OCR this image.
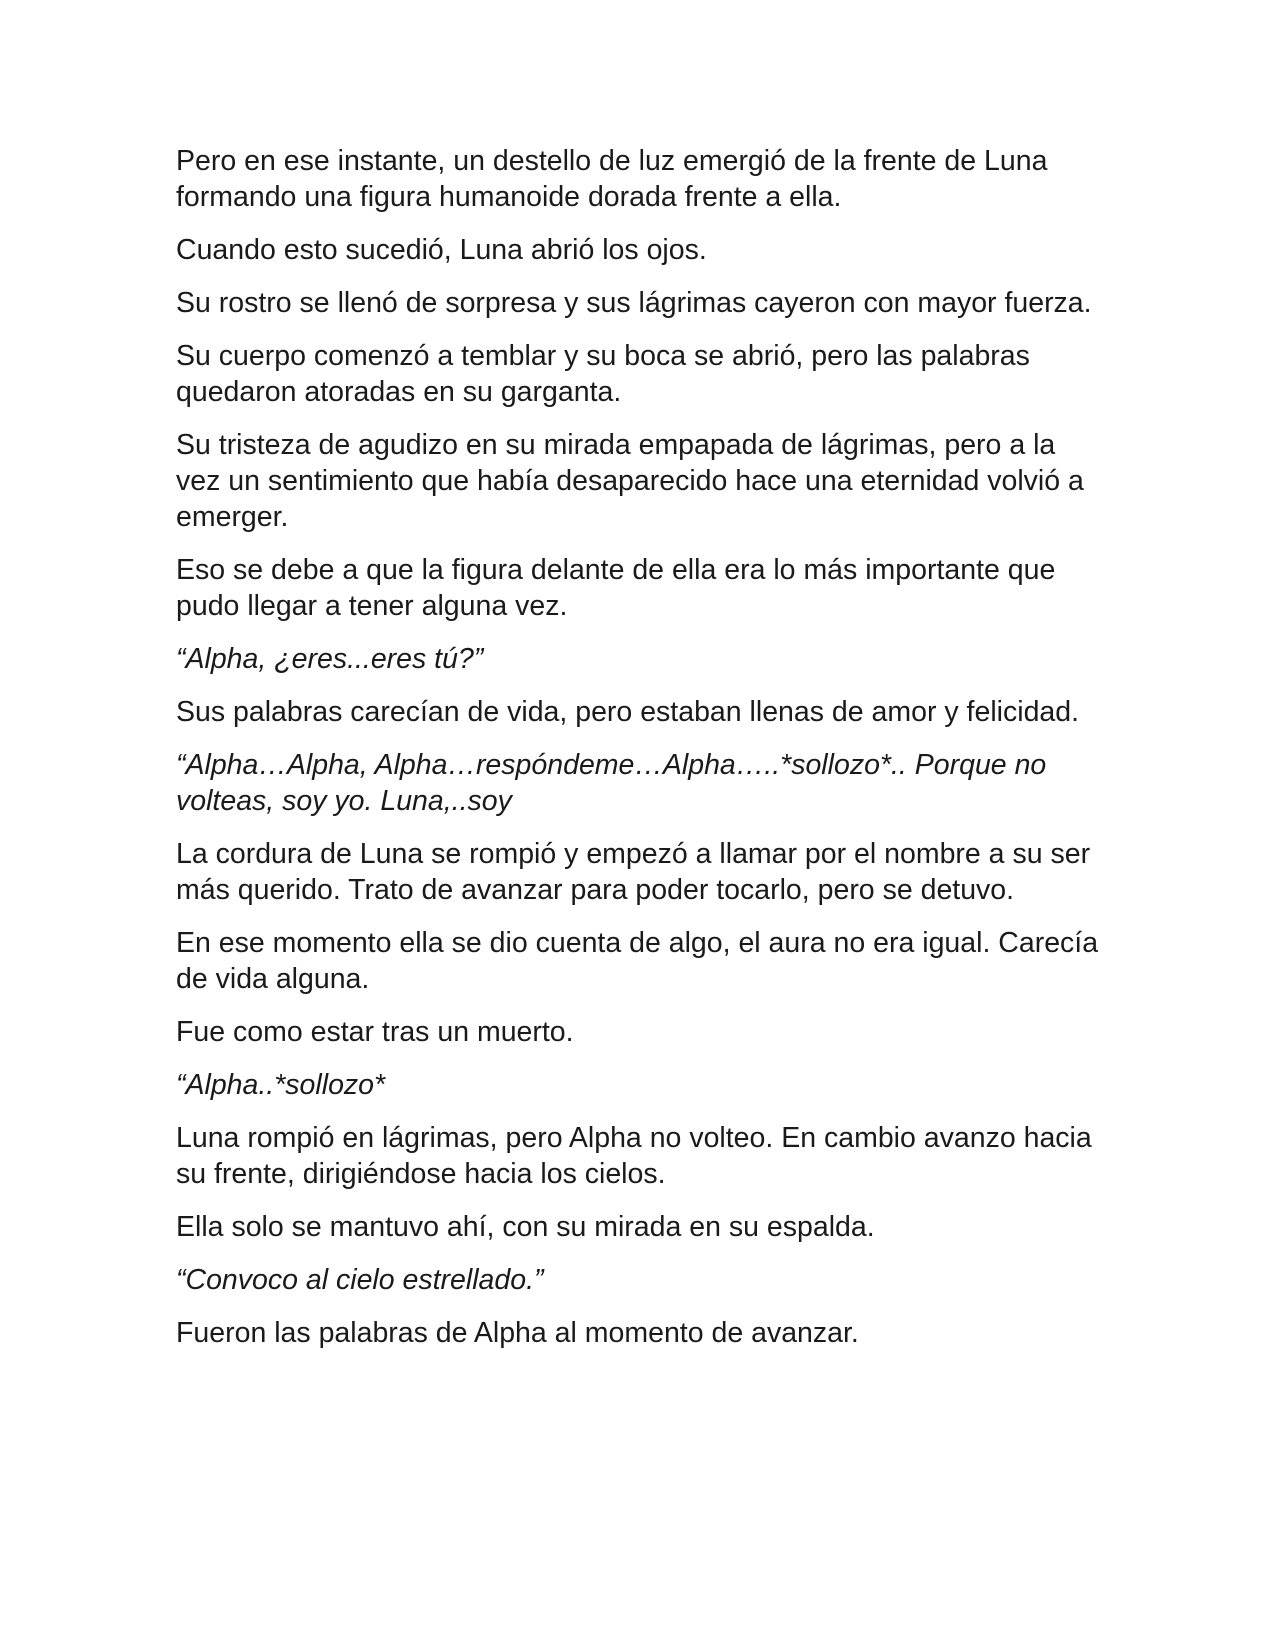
Pero en ese instante, un destello de luz emergió de la frente de Luna formando una figura humanoide dorada frente a ella.

Cuando esto sucedió, Luna abrió los ojos.

Su rostro se llenó de sorpresa y sus lágrimas cayeron con mayor fuerza.

Su cuerpo comenzó a temblar y su boca se abrió, pero las palabras quedaron atoradas en su garganta.

Su tristeza de agudizo en su mirada empapada de lágrimas, pero a la vez un sentimiento que había desaparecido hace una eternidad volvió a emerger.

Eso se debe a que la figura delante de ella era lo más importante que pudo llegar a tener alguna vez.

“Alpha, ¿eres...eres tú?”

Sus palabras carecían de vida, pero estaban llenas de amor y felicidad.

“Alpha…Alpha, Alpha…respóndeme…Alpha…..*sollozo*.. Porque no volteas, soy yo. Luna,..soy

La cordura de Luna se rompió y empezó a llamar por el nombre a su ser más querido. Trato de avanzar para poder tocarlo, pero se detuvo.

En ese momento ella se dio cuenta de algo, el aura no era igual. Carecía de vida alguna.

Fue como estar tras un muerto.

“Alpha..*sollozo*

Luna rompió en lágrimas, pero Alpha no volteo. En cambio avanzo hacia su frente, dirigiéndose hacia los cielos.

Ella solo se mantuvo ahí, con su mirada en su espalda.

“Convoco al cielo estrellado.”

Fueron las palabras de Alpha al momento de avanzar.
